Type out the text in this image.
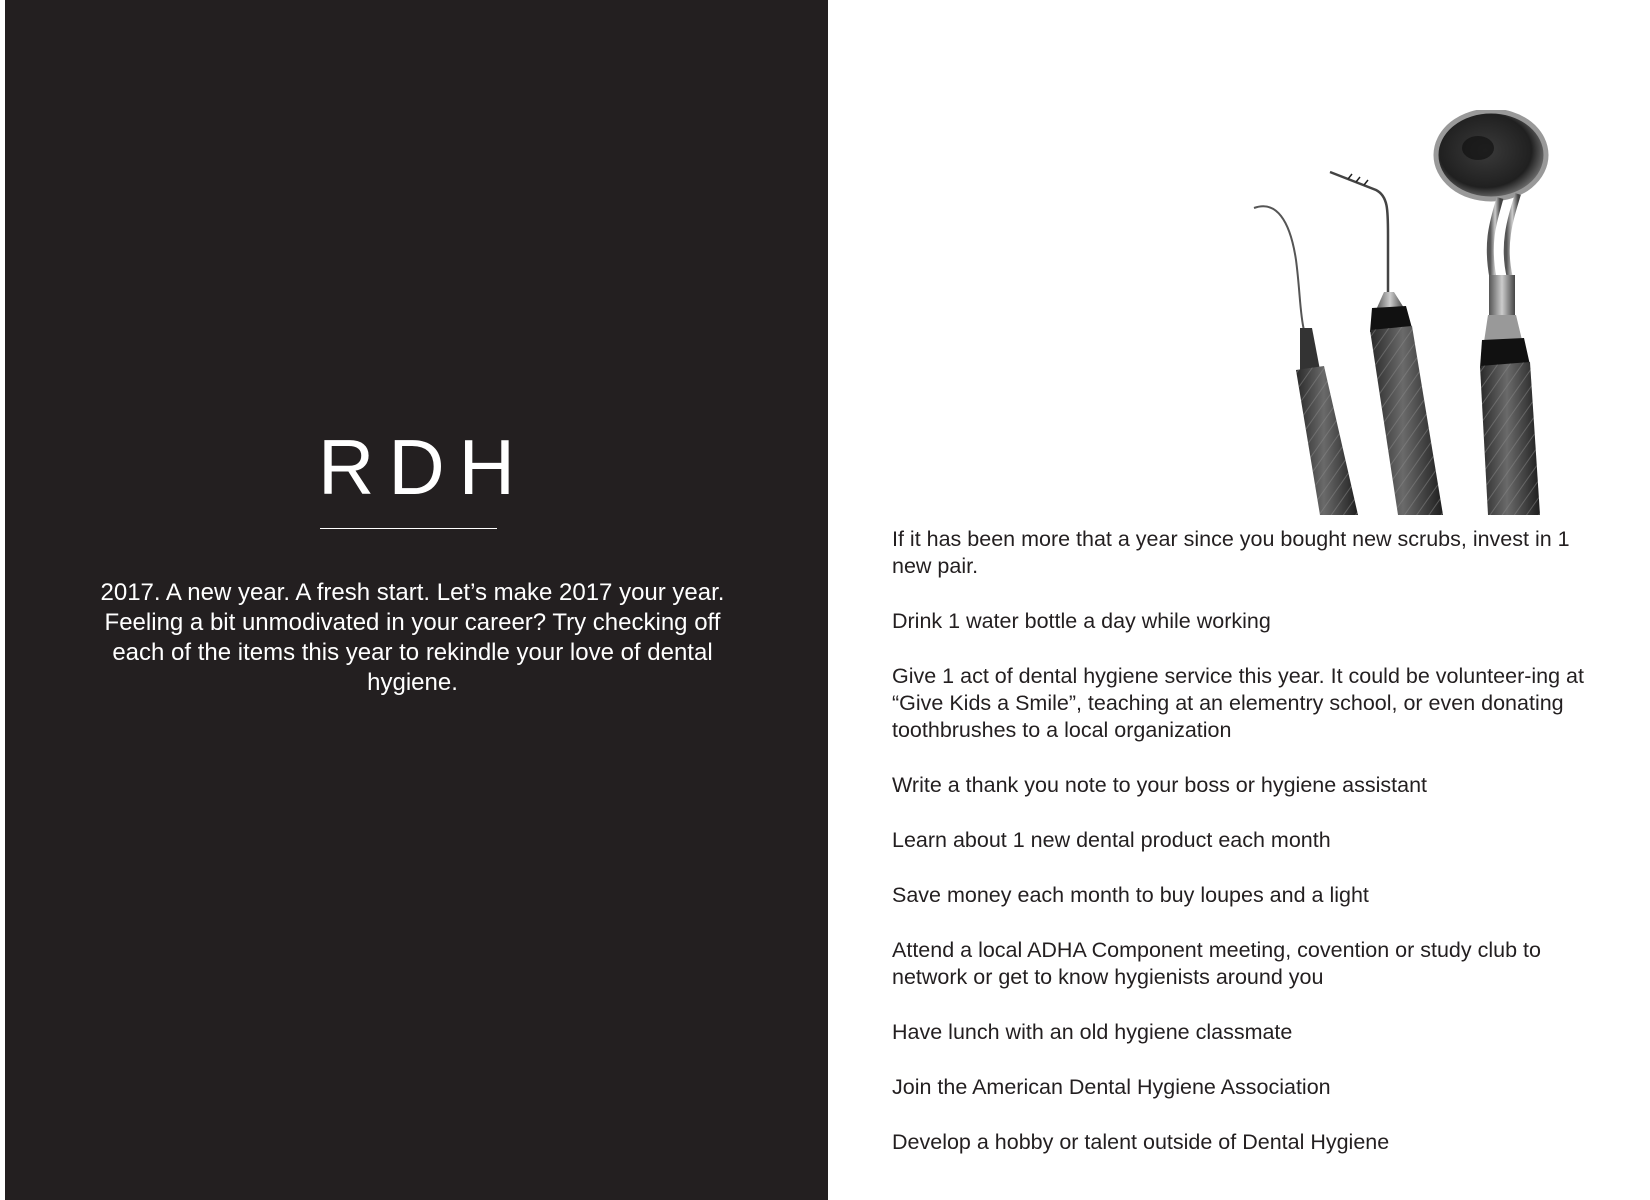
RDH
2017. A new year. A fresh start. Let’s make 2017 your year. Feeling a bit unmodivated in your career? Try checking off each of the items this year to rekindle your love of dental hygiene.
If it has been more that a year since you bought new scrubs, invest in 1 new pair.
Drink 1 water bottle a day while working
Give 1 act of dental hygiene service this year. It could be volunteer-ing at “Give Kids a Smile”, teaching at an elementry school, or even donating toothbrushes to a local organization
Write a thank you note to your boss or hygiene assistant
Learn about 1 new dental product each month
Save money each month to buy loupes and a light
Attend a local ADHA Component meeting, covention or study club to network or get to know hygienists around you
Have lunch with an old hygiene classmate
Join the American Dental Hygiene Association
Develop a hobby or talent outside of Dental Hygiene
